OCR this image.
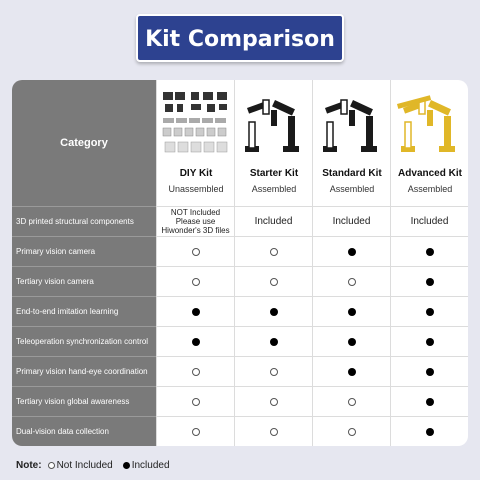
Kit Comparison
Category
3D printed structural components
Primary vision camera
Tertiary vision camera
End-to-end imitation learning
Teleoperation synchronization control
Primary vision hand-eye coordination
Tertiary vision global awareness
Dual-vision data collection
DIY Kit
Unassembled
Starter Kit
Assembled
Standard Kit
Assembled
Advanced Kit
Assembled
NOT Included
Please use
Hiwonder's 3D files
Included	Included	Included
Note: Not Included Included
